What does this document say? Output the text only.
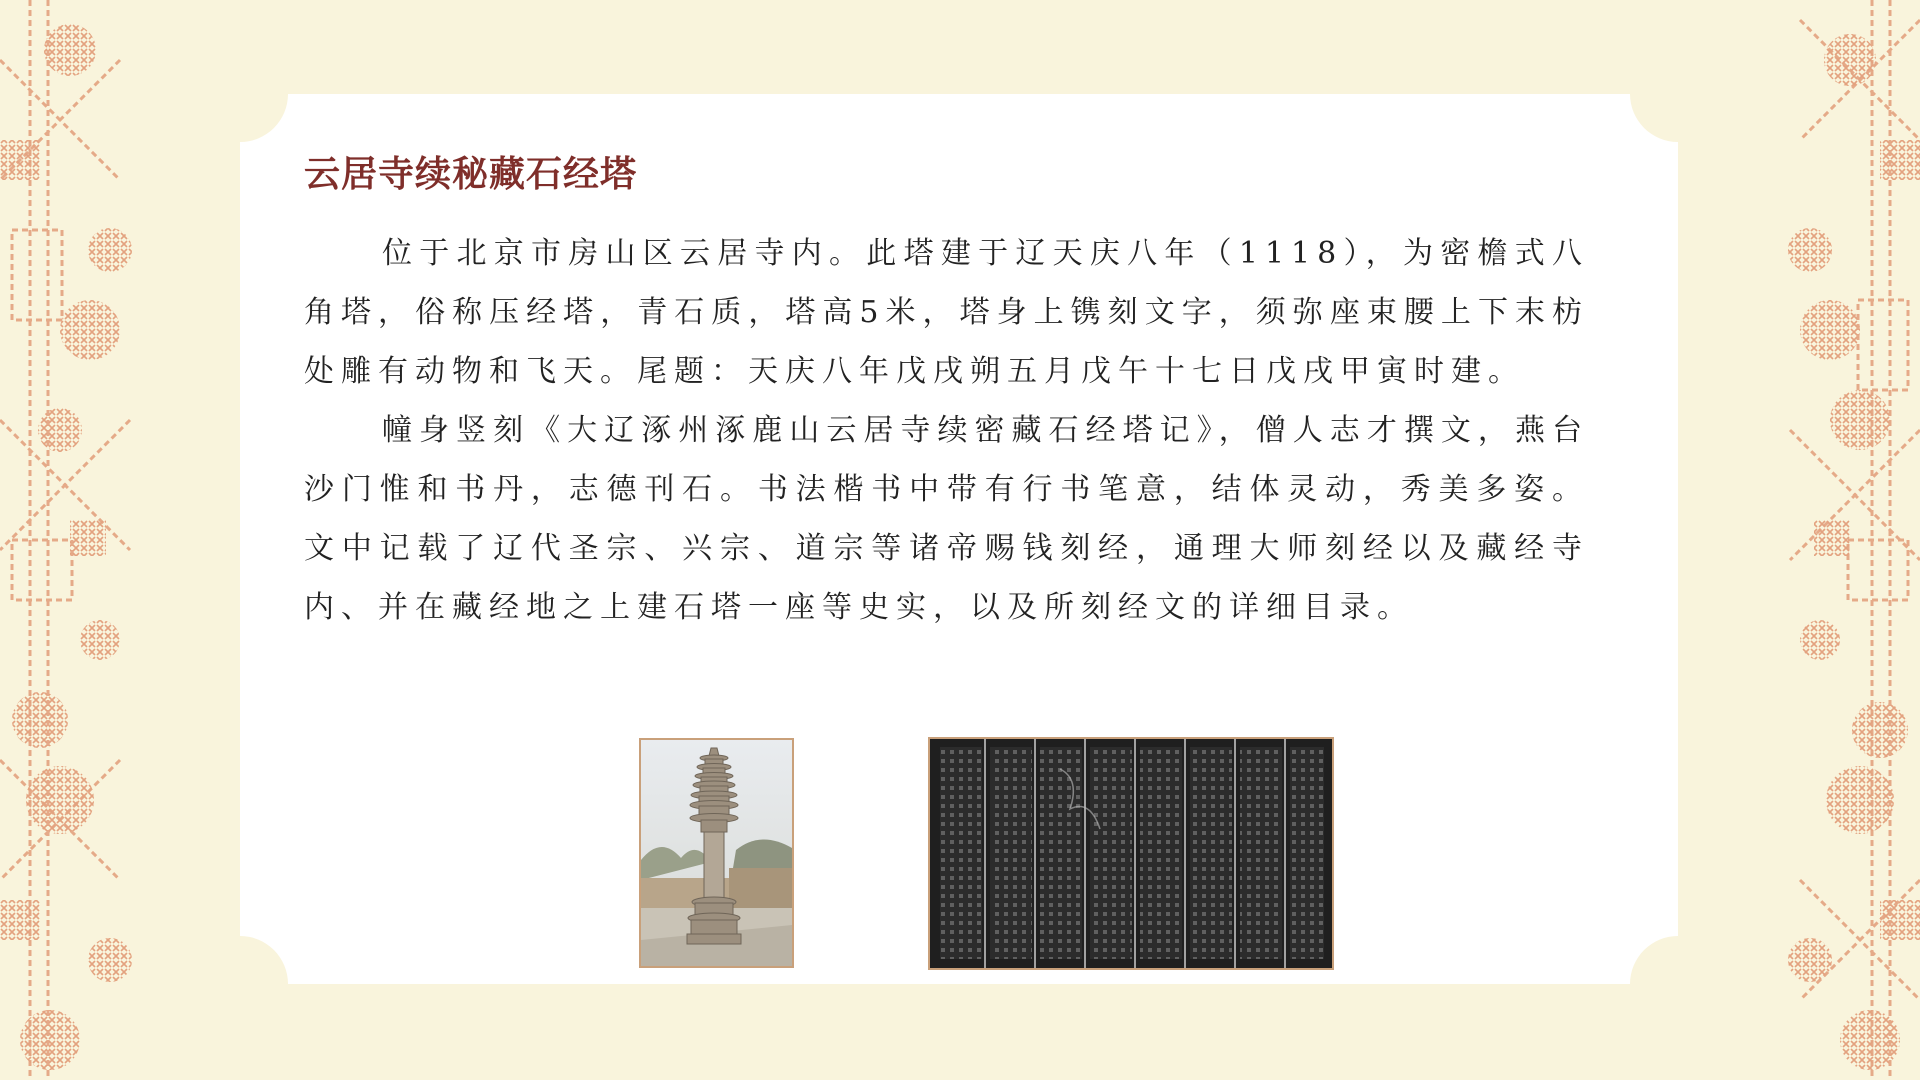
云居寺续秘藏石经塔

位于北京市房山区云居寺内。此塔建于辽天庆八年（1118），为密檐式八角塔，俗称压经塔，青石质，塔高5米，塔身上镌刻文字，须弥座束腰上下末枋处雕有动物和飞天。尾题：天庆八年戊戌朔五月戊午十七日戊戌甲寅时建。

幢身竖刻《大辽涿州涿鹿山云居寺续密藏石经塔记》，僧人志才撰文，燕台沙门惟和书丹，志德刊石。书法楷书中带有行书笔意，结体灵动，秀美多姿。文中记载了辽代圣宗、兴宗、道宗等诸帝赐钱刻经，通理大师刻经以及藏经寺内、并在藏经地之上建石塔一座等史实，以及所刻经文的详细目录。
